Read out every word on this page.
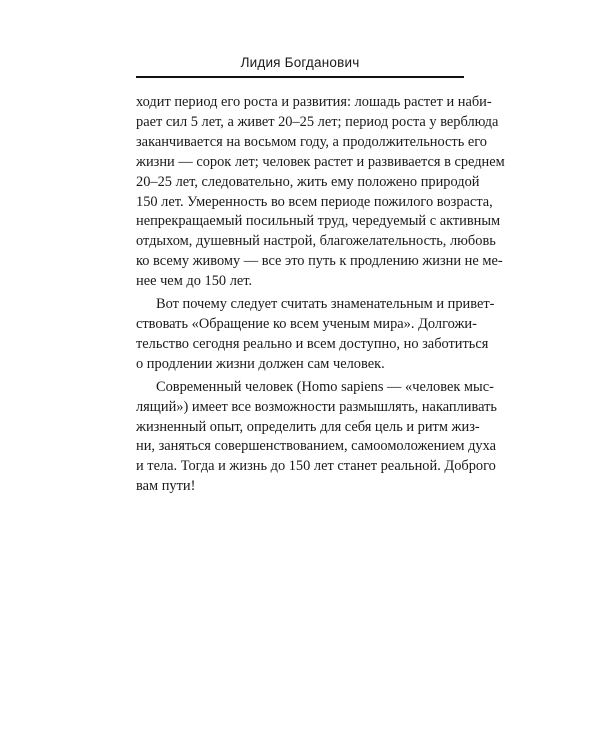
Лидия Богданович

ходит период его роста и развития: лошадь растет и наби-
рает сил 5 лет, а живет 20–25 лет; период роста у верблюда
заканчивается на восьмом году, а продолжительность его
жизни — сорок лет; человек растет и развивается в среднем
20–25 лет, следовательно, жить ему положено природой
150 лет. Умеренность во всем периоде пожилого возраста,
непрекращаемый посильный труд, чередуемый с активным
отдыхом, душевный настрой, благожелательность, любовь
ко всему живому — все это путь к продлению жизни не ме-
нее чем до 150 лет.

Вот почему следует считать знаменательным и привет-
ствовать «Обращение ко всем ученым мира». Долгожи-
тельство сегодня реально и всем доступно, но заботиться
о продлении жизни должен сам человек.

Современный человек (Homo sapiens — «человек мыс-
лящий») имеет все возможности размышлять, накапливать
жизненный опыт, определить для себя цель и ритм жиз-
ни, заняться совершенствованием, самоомоложением духа
и тела. Тогда и жизнь до 150 лет станет реальной. Доброго
вам пути!
